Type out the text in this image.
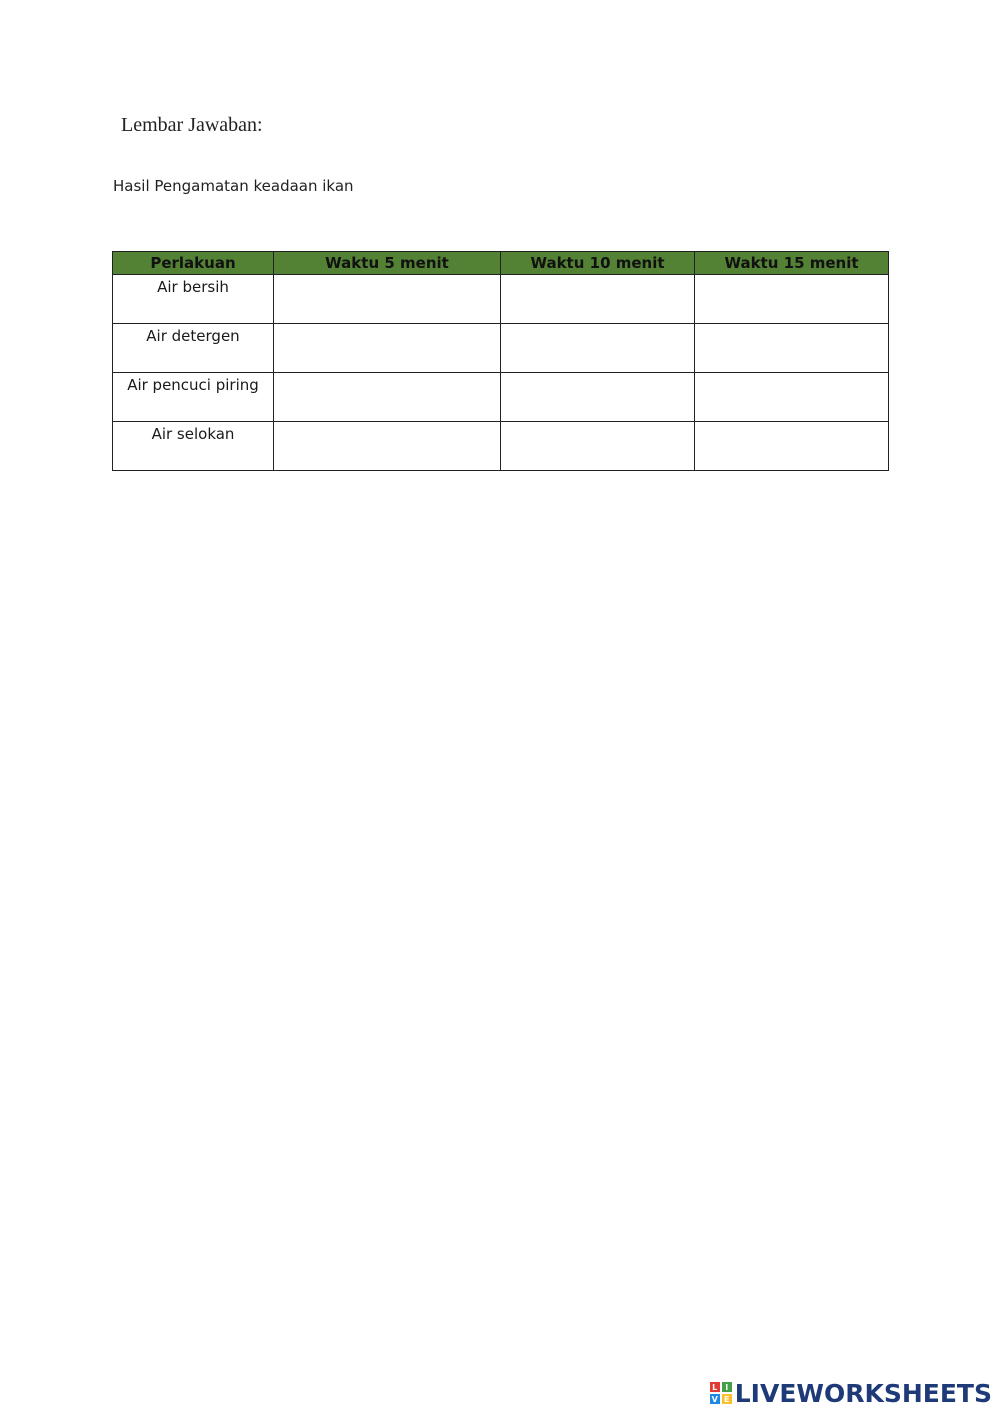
Lembar Jawaban:
Hasil Pengamatan keadaan ikan
Perlakuan	Waktu 5 menit	Waktu 10 menit	Waktu 15 menit
Air bersih			
Air detergen			
Air pencuci piring			
Air selokan			
L I
V E LIVEWORKSHEETS
